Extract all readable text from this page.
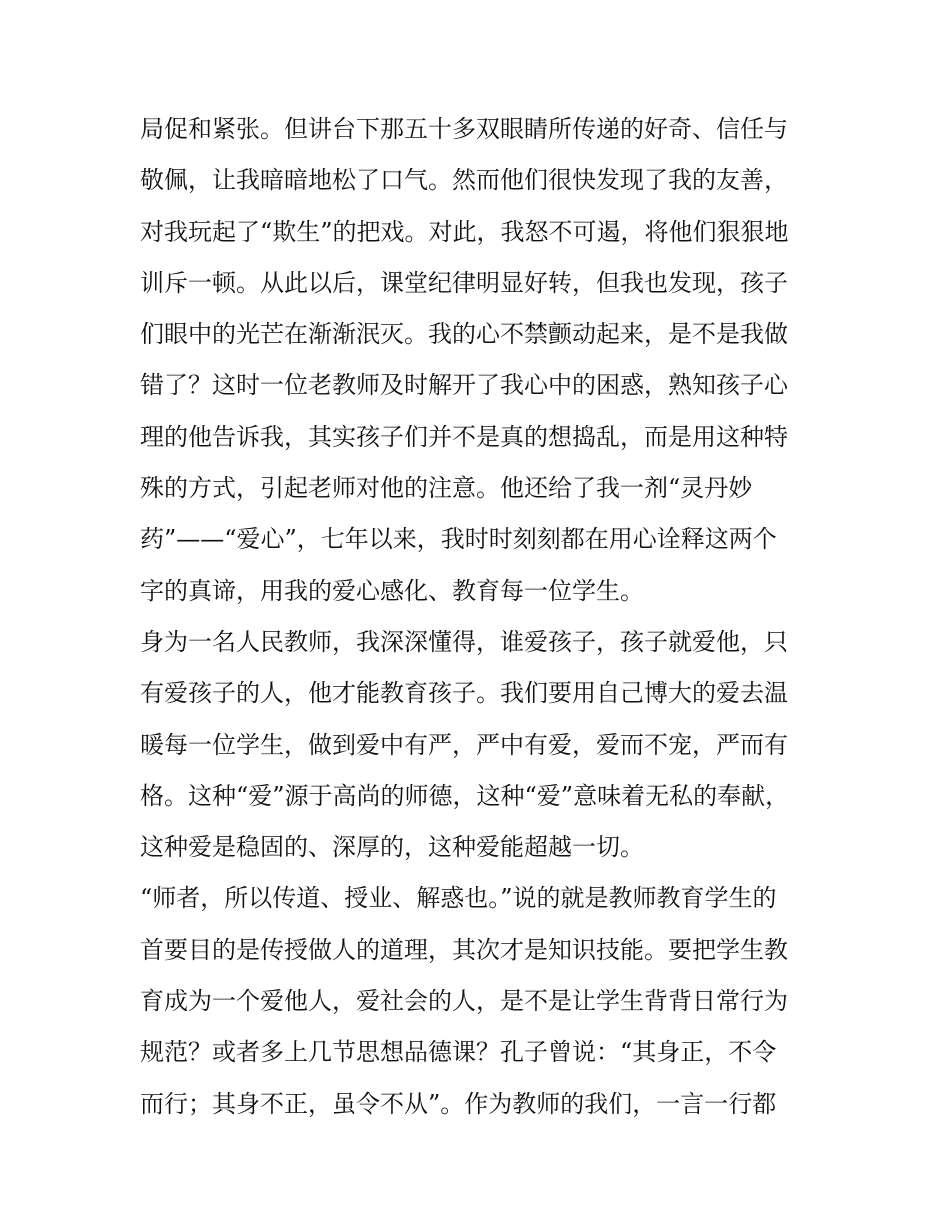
局促和紧张。但讲台下那五十多双眼睛所传递的好奇、信任与
敬佩，让我暗暗地松了口气。然而他们很快发现了我的友善，
对我玩起了“欺生”的把戏。对此，我怒不可遏，将他们狠狠地
训斥一顿。从此以后，课堂纪律明显好转，但我也发现，孩子
们眼中的光芒在渐渐泯灭。我的心不禁颤动起来，是不是我做
错了？这时一位老教师及时解开了我心中的困惑，熟知孩子心
理的他告诉我，其实孩子们并不是真的想捣乱，而是用这种特
殊的方式，引起老师对他的注意。他还给了我一剂“灵丹妙
药”——“爱心”，七年以来，我时时刻刻都在用心诠释这两个
字的真谛，用我的爱心感化、教育每一位学生。
身为一名人民教师，我深深懂得，谁爱孩子，孩子就爱他，只
有爱孩子的人，他才能教育孩子。我们要用自己博大的爱去温
暖每一位学生，做到爱中有严，严中有爱，爱而不宠，严而有
格。这种“爱”源于高尚的师德，这种“爱”意味着无私的奉献，
这种爱是稳固的、深厚的，这种爱能超越一切。
“师者，所以传道、授业、解惑也。”说的就是教师教育学生的
首要目的是传授做人的道理，其次才是知识技能。要把学生教
育成为一个爱他人，爱社会的人，是不是让学生背背日常行为
规范？或者多上几节思想品德课？孔子曾说：“其身正，不令
而行；其身不正，虽令不从”。作为教师的我们，一言一行都
